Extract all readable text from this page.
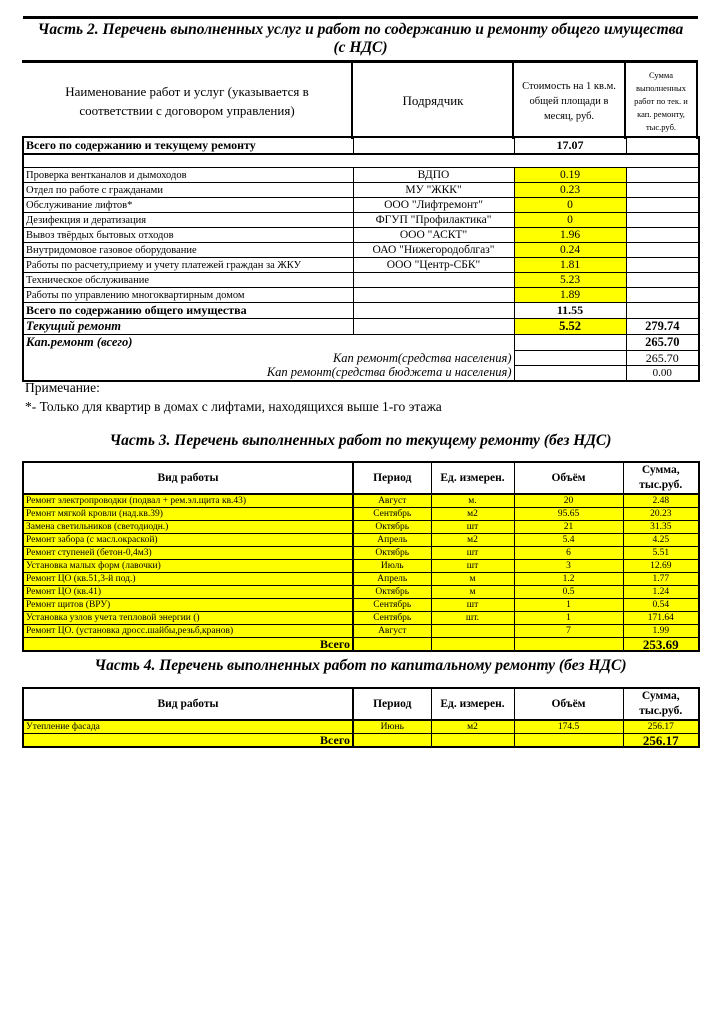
Часть 2. Перечень выполненных услуг и работ по содержанию и ремонту общего имущества
(с НДС)
Наименование работ и услуг (указывается в соответствии с договором управления)
Подрядчик
Стоимость на 1 кв.м. общей площади в месяц, руб.
Сумма выполненных работ по тек. и кап. ремонту, тыс.руб.
Всего по содержанию и текущему ремонту		17.07	

Проверка вентканалов и дымоходов	ВДПО	0.19	
Отдел по работе с гражданами	МУ "ЖКК"	0.23	
Обслуживание лифтов*	ООО "Лифтремонт"	0	
Дезифекция и дератизация	ФГУП "Профилактика"	0	
Вывоз твёрдых бытовых отходов	ООО "АСКТ"	1.96	
Внутридомовое газовое оборудование	ОАО "Нижегородоблгаз"	0.24	
Работы по расчету,приему и учету платежей граждан за ЖКУ	ООО "Центр-СБК"	1.81	
Техническое обслуживание		5.23	
Работы по управлению многоквартирным домом		1.89	
Всего по содержанию общего имущества		11.55	
Текущий ремонт		5.52	279.74
Кап.ремонт (всего)			265.70
Кап ремонт(средства населения)			265.70
Кап ремонт(средства бюджета и населения)			0.00
Примечание:
*- Только для квартир в домах с лифтами, находящихся выше 1-го этажа
Часть 3. Перечень выполненных работ по текущему ремонту (без НДС)
Вид работы	Период	Ед. измерен.	Объём	Сумма, тыс.руб.
Ремонт электропроводки (подвал + рем.эл.щита кв.43)	Август	м.	20	2.48
Ремонт мягкой кровли (над.кв.39)	Сентябрь	м2	95.65	20.23
Замена светильников (светодиодн.)	Октябрь	шт	21	31.35
Ремонт забора (с масл.окраской)	Апрель	м2	5.4	4.25
Ремонт ступеней (бетон-0,4м3)	Октябрь	шт	6	5.51
Установка малых форм (лавочки)	Июль	шт	3	12.69
Ремонт ЦО (кв.51,3-й под.)	Апрель	м	1.2	1.77
Ремонт ЦО (кв.41)	Октябрь	м	0.5	1.24
Ремонт щитов (ВРУ)	Сентябрь	шт	1	0.54
Установка узлов учета тепловой энергии ()	Сентябрь	шт.	1	171.64
Ремонт ЦО. (установка дросс.шайбы,резьб,кранов)	Август		7	1.99
Всего				253.69
Часть 4. Перечень выполненных работ по капитальному ремонту (без НДС)
Вид работы	Период	Ед. измерен.	Объём	Сумма, тыс.руб.
Утепление фасада	Июнь	м2	174.5	256.17
Всего				256.17
